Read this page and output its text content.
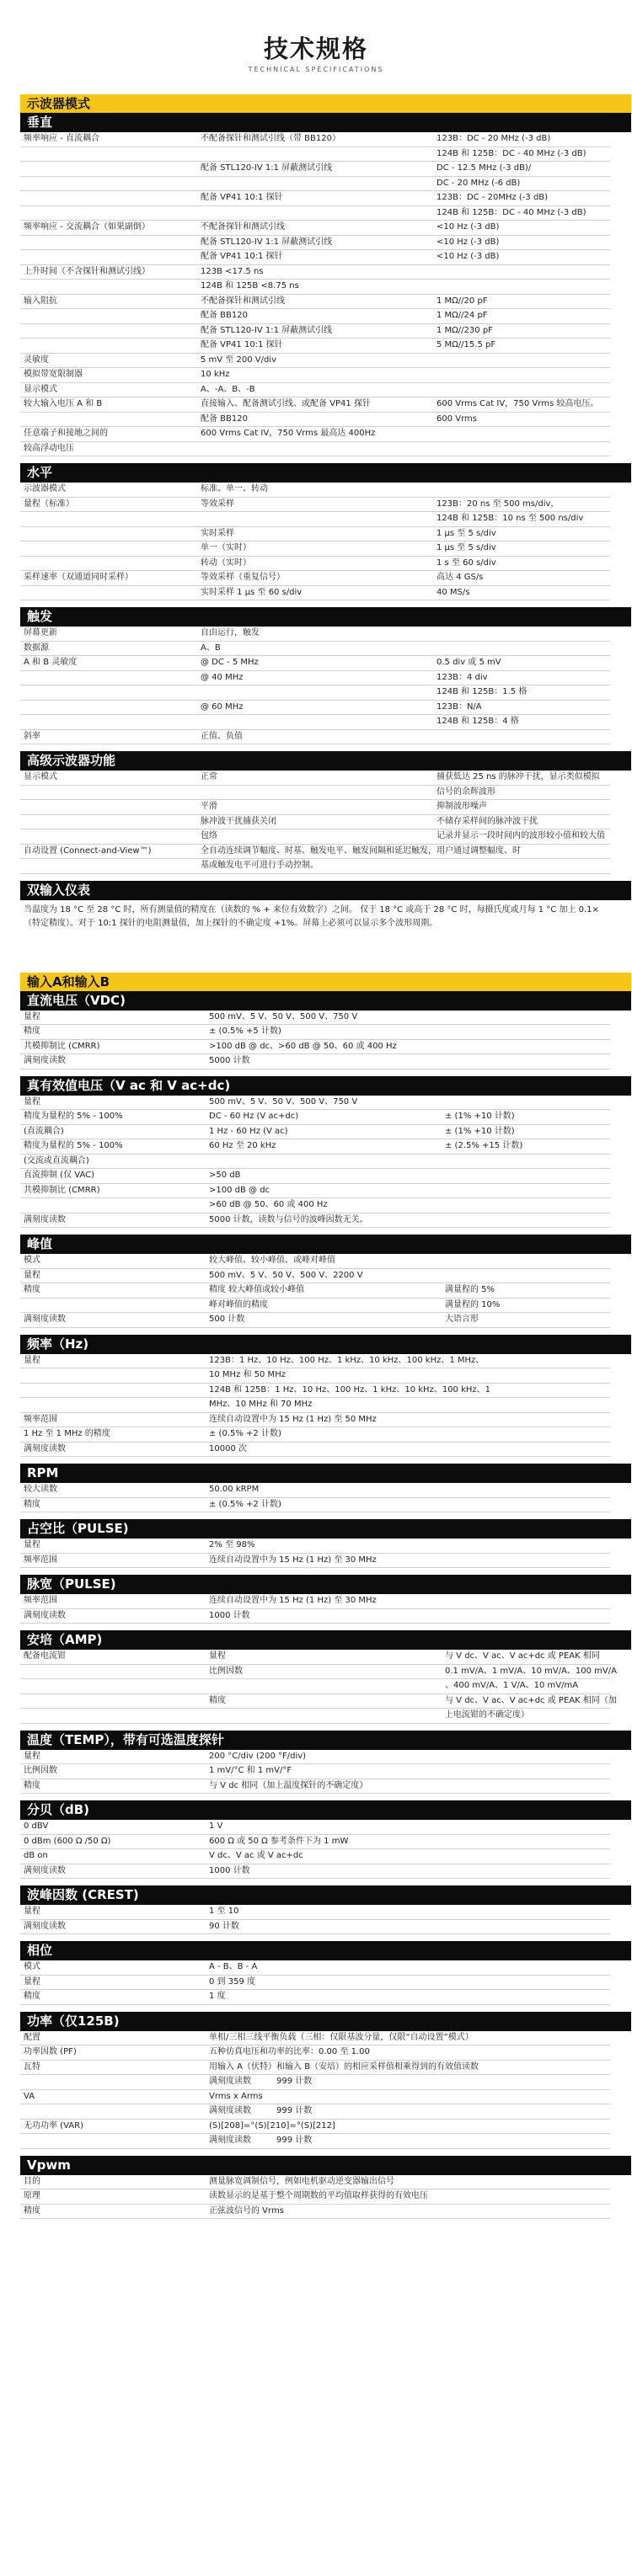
技术规格
TECHNICAL SPECIFICATIONS
示波器模式
垂直
频率响应 - 直流耦合	不配备探针和测试引线（带 BB120）	123B：DC - 20 MHz (-3 dB)
		124B 和 125B：DC - 40 MHz (-3 dB)
	配备 STL120-IV 1:1 屏蔽测试引线	DC - 12.5 MHz (-3 dB)/
		DC - 20 MHz (-6 dB)
	配备 VP41 10:1 探针	123B：DC - 20MHz (-3 dB)
		124B 和 125B：DC - 40 MHz (-3 dB)
频率响应 - 交流耦合（如果副倒）	不配备探针和测试引线	<10 Hz (-3 dB)
	配备 STL120-IV 1:1 屏蔽测试引线	<10 Hz (-3 dB)
	配备 VP41 10:1 探针	<10 Hz (-3 dB)
上升时间（不含探针和测试引线）	123B <17.5 ns	
	124B 和 125B <8.75 ns	
输入阻抗	不配备探针和测试引线	1 MΩ//20 pF
	配备 BB120	1 MΩ//24 pF
	配备 STL120-IV 1:1 屏蔽测试引线	1 MΩ//230 pF
	配备 VP41 10:1 探针	5 MΩ//15.5 pF
灵敏度	5 mV 至 200 V/div	
模拟带宽限制器	10 kHz	
显示模式	A、-A、B、-B	
较大输入电压 A 和 B	直接输入、配备测试引线、或配备 VP41 探针	600 Vrms Cat IV，750 Vrms 较高电压。
	配备 BB120	600 Vrms
任意端子和接地之间的	600 Vrms Cat IV，750 Vrms 最高达 400Hz	
较高浮动电压		
水平
示波器模式	标准、单一、转动	
量程（标准）	等效采样	123B：20 ns 至 500 ms/div，
		124B 和 125B：10 ns 至 500 ns/div
	实时采样	1 μs 至 5 s/div
	单一（实时）	1 μs 至 5 s/div
	转动（实时）	1 s 至 60 s/div
采样速率（双通道同时采样）	等效采样（重复信号）	高达 4 GS/s
	实时采样 1 μs 至 60 s/div	40 MS/s
触发
屏幕更新	自由运行，触发	
数据源	A、B	
A 和 B 灵敏度	@ DC - 5 MHz	0.5 div 或 5 mV
	@ 40 MHz	123B：4 div
		124B 和 125B：1.5 格
	@ 60 MHz	123B：N/A
		124B 和 125B：4 格
斜率	正值、负值	
高级示波器功能
显示模式	正常	捕获低达 25 ns 的脉冲干扰，显示类似模拟
		信号的余辉波形
	平滑	抑制波形噪声
	脉冲波干扰捕获关闭	不储存采样间的脉冲波干扰
	包络	记录并显示一段时间内的波形较小值和较大值
自动设置 (Connect-and-View™)	全自动连续调节幅度、时基、触发电平、触发间隔和延迟触发，用户通过调整幅度、时	
	基或触发电平可进行手动控制。	
双输入仪表
当温度为 18 °C 至 28 °C 时，所有测量值的精度在（读数的 % + 来位有效数字）之间。 仅于 18 °C 或高于 28 °C 时，每摄氏度或月每 1 °C 加上 0.1×（特定精度）。对于 10:1 探针的电阻测量值，加上探针的不确定度 +1%。屏幕上必须可以显示多个波形周期。
输入A和输入B
直流电压（VDC)
量程	500 mV、5 V、50 V、500 V、750 V	
精度	± (0.5% +5 计数)	
共模抑制比 (CMRR)	>100 dB @ dc、>60 dB @ 50、60 或 400 Hz	
满刻度读数	5000 计数	
真有效值电压（V ac 和 V ac+dc)
量程	500 mV、5 V、50 V、500 V、750 V	
精度为量程的 5% - 100%	DC - 60 Hz (V ac+dc)	± (1% +10 计数)
(直流耦合)	1 Hz - 60 Hz (V ac)	± (1% +10 计数)
精度为量程的 5% - 100%	60 Hz 至 20 kHz	± (2.5% +15 计数)
(交流或直流耦合)		
直流抑制 (仅 VAC)	>50 dB	
共模抑制比 (CMRR)	>100 dB @ dc	
	>60 dB @ 50、60 或 400 Hz	
满刻度读数	5000 计数，读数与信号的波峰因数无关。	
峰值
模式	较大峰值、较小峰值、或峰对峰值	
量程	500 mV、5 V、50 V、500 V、2200 V	
精度	精度 较大峰值或较小峰值	满量程的 5%
	峰对峰值的精度	满量程的 10%
满刻度读数	500 计数	大语言形
频率（Hz)
量程	123B：1 Hz、10 Hz、100 Hz、1 kHz、10 kHz、100 kHz、1 MHz、
	10 MHz 和 50 MHz
	124B 和 125B：1 Hz、10 Hz、100 Hz、1 kHz、10 kHz、100 kHz、1
	MHz、10 MHz 和 70 MHz
频率范围	连续自动设置中为 15 Hz (1 Hz) 至 50 MHz
1 Hz 至 1 MHz 的精度	± (0.5% +2 计数)
满刻度读数	10000 次
RPM
较大读数	50.00 kRPM
精度	± (0.5% +2 计数)
占空比（PULSE)
量程	2% 至 98%
频率范围	连续自动设置中为 15 Hz (1 Hz) 至 30 MHz
脉宽（PULSE)
频率范围	连续自动设置中为 15 Hz (1 Hz) 至 30 MHz
满刻度读数	1000 计数
安培（AMP)
配备电流钳	量程	与 V dc、V ac、V ac+dc 或 PEAK 相同
	比例因数	0.1 mV/A、1 mV/A、10 mV/A、100 mV/A
		、400 mV/A、1 V/A、10 mV/mA
	精度	与 V dc、V ac、V ac+dc 或 PEAK 相同（加
		上电流钳的不确定度）
温度（TEMP），带有可选温度探针
量程	200 °C/div (200 °F/div)
比例因数	1 mV/°C 和 1 mV/°F
精度	与 V dc 相同（加上温度探针的不确定度）
分贝（dB)
0 dBV	1 V
0 dBm (600 Ω /50 Ω)	600 Ω 或 50 Ω 参考条件下为 1 mW
dB on	V dc、V ac 或 V ac+dc
满刻度读数	1000 计数
波峰因数 (CREST)
量程	1 至 10
满刻度读数	90 计数
相位
模式	A - B、B - A
量程	0 到 359 度
精度	1 度
功率（仅125B)
配置	单相/三相三线平衡负载（三相：仅限基波分量，仅限“自动设置”模式）
功率因数 (PF)	五种仿真电压和功率的比率：0.00 至 1.00
瓦特	用输入 A（伏特）和输入 B（安培）的相应采样值相乘得到的有效值读数
	满刻度读数　　　999 计数
VA	Vrms x Arms
	满刻度读数　　　999 计数
无功功率 (VAR)	(S)[208]=°(S)[210]=°(S)[212]
	满刻度读数　　　999 计数
Vpwm
目的	测量脉宽调制信号，例如电机驱动逆变器输出信号
原理	读数显示的是基于整个周期数的平均值取样获得的有效电压
精度	正弦波信号的 Vrms
